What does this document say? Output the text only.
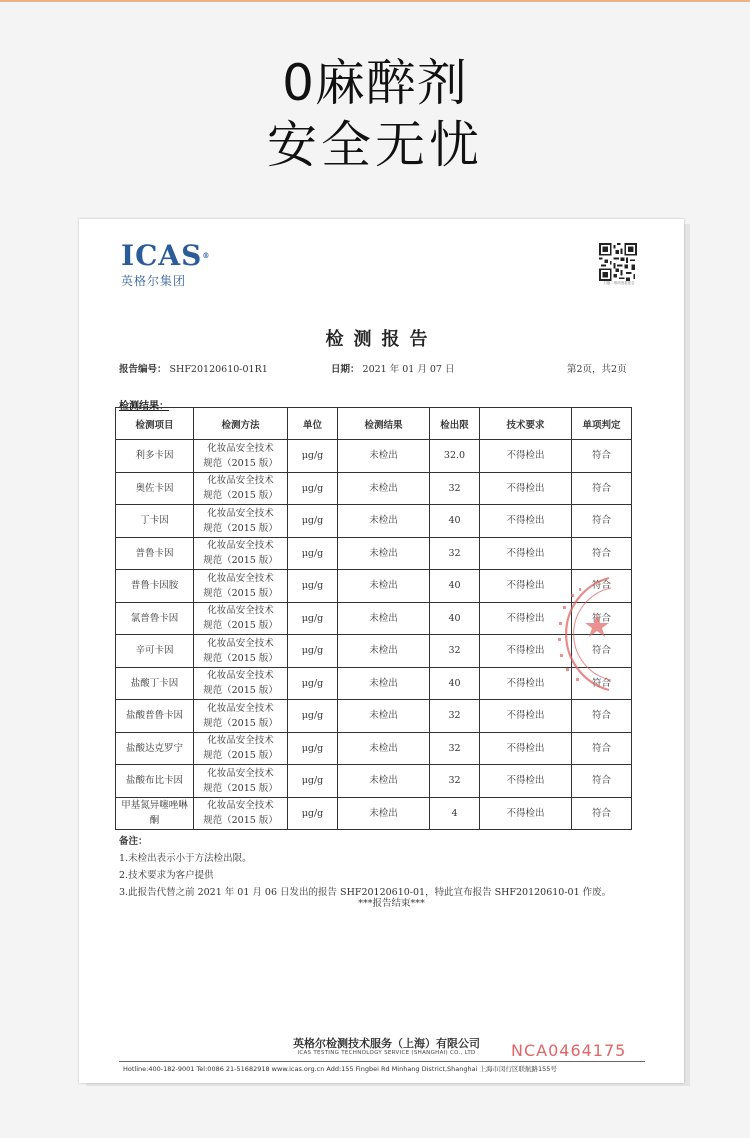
0麻醉剂
安全无忧
ICAS®
英格尔集团	扫描二维码查看报告
检测报告
报告编号： SHF20120610-01R1	日期： 2021 年 01 月 07 日	第2页，共2页
检测结果：
检测项目	检测方法	单位	检测结果	检出限	技术要求	单项判定
利多卡因	化妆品安全技术
规范（2015 版）	μg/g	未检出	32.0	不得检出	符合
奥佐卡因	化妆品安全技术
规范（2015 版）	μg/g	未检出	32	不得检出	符合
丁卡因	化妆品安全技术
规范（2015 版）	μg/g	未检出	40	不得检出	符合
普鲁卡因	化妆品安全技术
规范（2015 版）	μg/g	未检出	32	不得检出	符合
普鲁卡因胺	化妆品安全技术
规范（2015 版）	μg/g	未检出	40	不得检出	符合
氯普鲁卡因	化妆品安全技术
规范（2015 版）	μg/g	未检出	40	不得检出	符合
辛可卡因	化妆品安全技术
规范（2015 版）	μg/g	未检出	32	不得检出	符合
盐酸丁卡因	化妆品安全技术
规范（2015 版）	μg/g	未检出	40	不得检出	符合
盐酸普鲁卡因	化妆品安全技术
规范（2015 版）	μg/g	未检出	32	不得检出	符合
盐酸达克罗宁	化妆品安全技术
规范（2015 版）	μg/g	未检出	32	不得检出	符合
盐酸布比卡因	化妆品安全技术
规范（2015 版）	μg/g	未检出	32	不得检出	符合
甲基氮异噻唑啉酮	化妆品安全技术
规范（2015 版）	μg/g	未检出	4	不得检出	符合
备注：
1.未检出表示小于方法检出限。
2.技术要求为客户提供
3.此报告代替之前 2021 年 01 月 06 日发出的报告 SHF20120610-01，特此宣布报告 SHF20120610-01 作废。
***报告结束***
英格尔检测技术服务（上海）有限公司
ICAS TESTING TECHNOLOGY SERVICE (SHANGHAI) CO., LTD	NCA0464175
Hotline:400-182-9001 Tel:0086 21-51682918 www.icas.org.cn Add:155 Fingbei Rd Minhang District,Shanghai 上海市闵行区联航路155号
